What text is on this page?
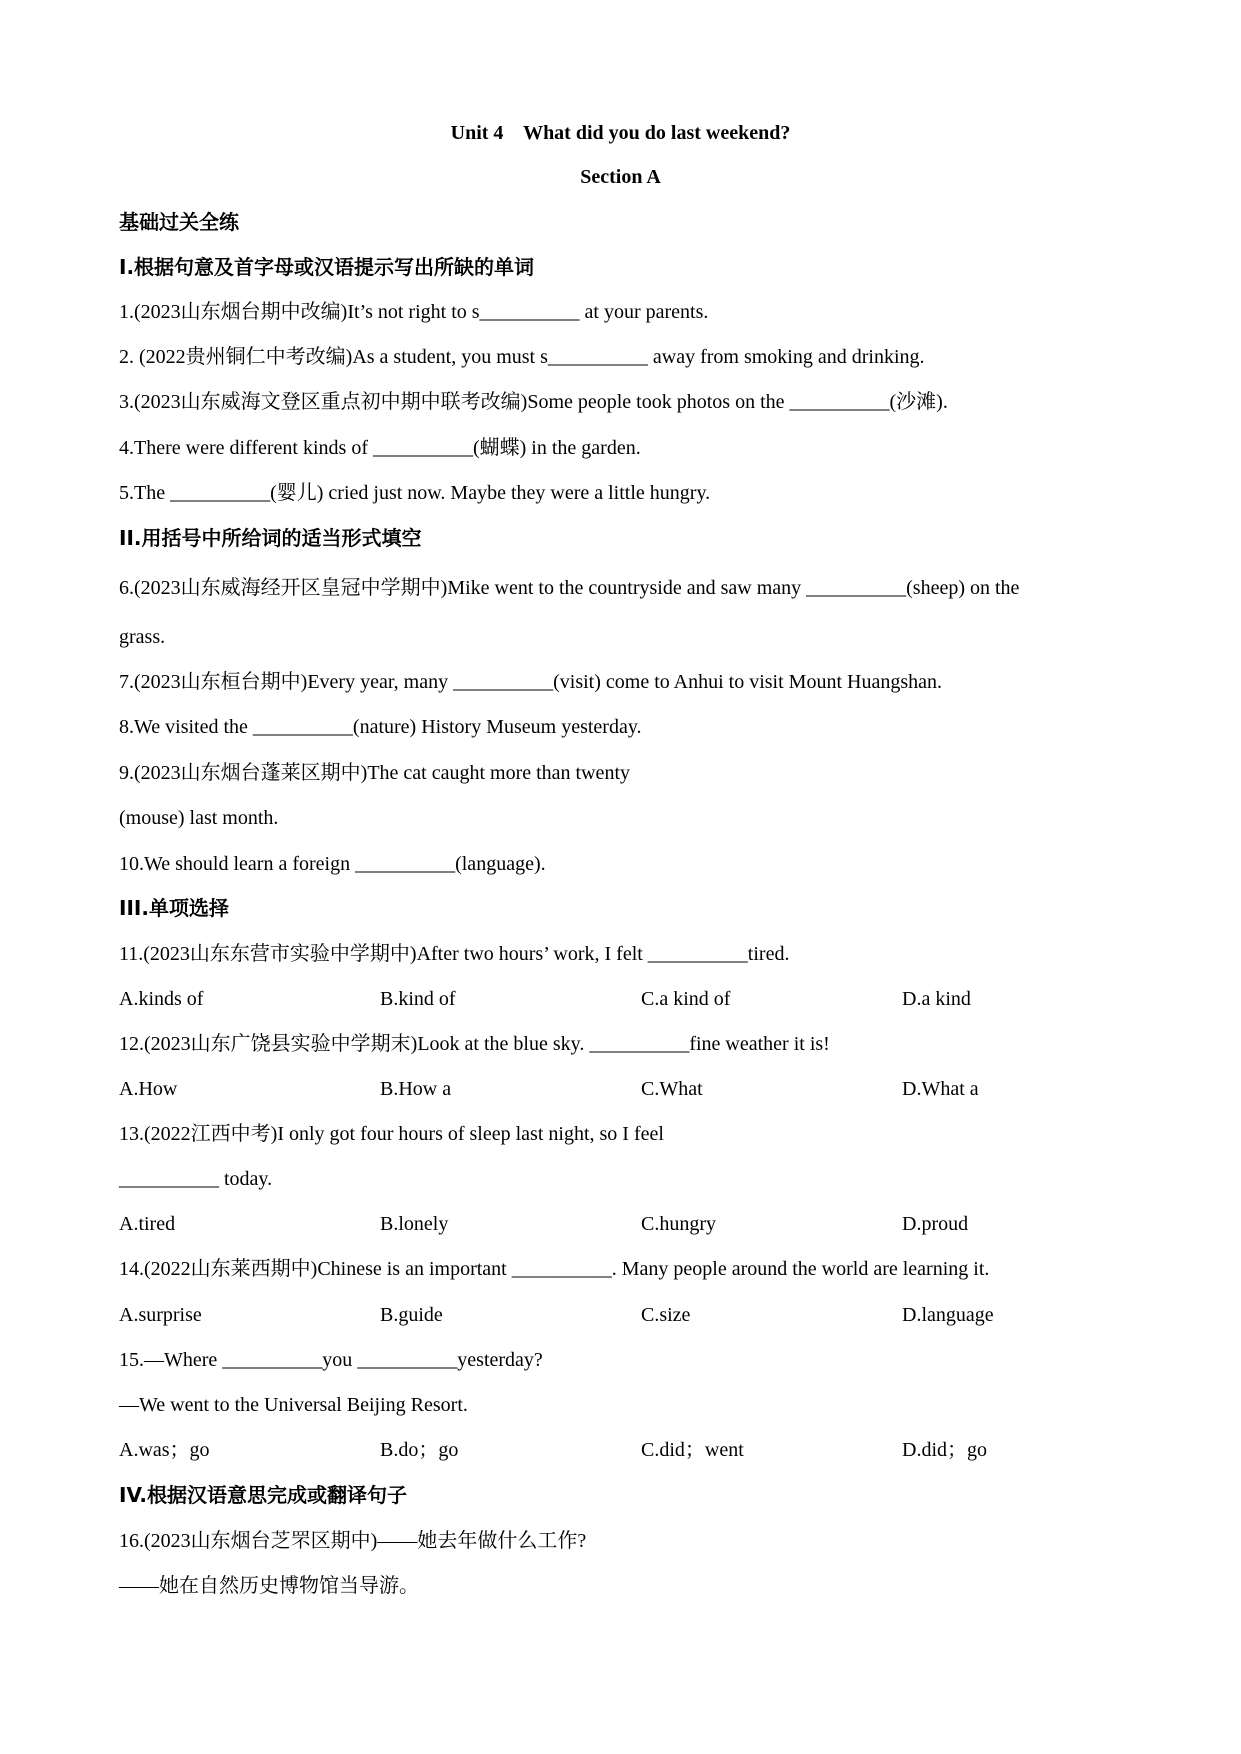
Unit 4    What did you do last weekend?
Section A
基础过关全练
I.根据句意及首字母或汉语提示写出所缺的单词
1.(2023山东烟台期中改编)It’s not right to s__________ at your parents.
2. (2022贵州铜仁中考改编)As a student, you must s__________ away from smoking and drinking.
3.(2023山东威海文登区重点初中期中联考改编)Some people took photos on the __________(沙滩).
4.There were different kinds of __________(蝴蝶) in the garden.
5.The __________(婴儿) cried just now. Maybe they were a little hungry.
II.用括号中所给词的适当形式填空
6.(2023山东威海经开区皇冠中学期中)Mike went to the countryside and saw many __________(sheep) on the
grass.
7.(2023山东桓台期中)Every year, many __________(visit) come to Anhui to visit Mount Huangshan.
8.We visited the __________(nature) History Museum yesterday.
9.(2023山东烟台蓬莱区期中)The cat caught more than twenty
(mouse) last month.
10.We should learn a foreign __________(language).
III.单项选择
11.(2023山东东营市实验中学期中)After two hours’ work, I felt __________tired.
A.kinds of	B.kind of	C.a kind of	D.a kind
12.(2023山东广饶县实验中学期末)Look at the blue sky. __________fine weather it is!
A.How	B.How a	C.What	D.What a
13.(2022江西中考)I only got four hours of sleep last night, so I feel
__________ today.
A.tired	B.lonely	C.hungry	D.proud
14.(2022山东莱西期中)Chinese is an important __________. Many people around the world are learning it.
A.surprise	B.guide	C.size	D.language
15.—Where __________you __________yesterday?
—We went to the Universal Beijing Resort.
A.was；go	B.do；go	C.did；went	D.did；go
IV.根据汉语意思完成或翻译句子
16.(2023山东烟台芝罘区期中)——她去年做什么工作?
——她在自然历史博物馆当导游。
